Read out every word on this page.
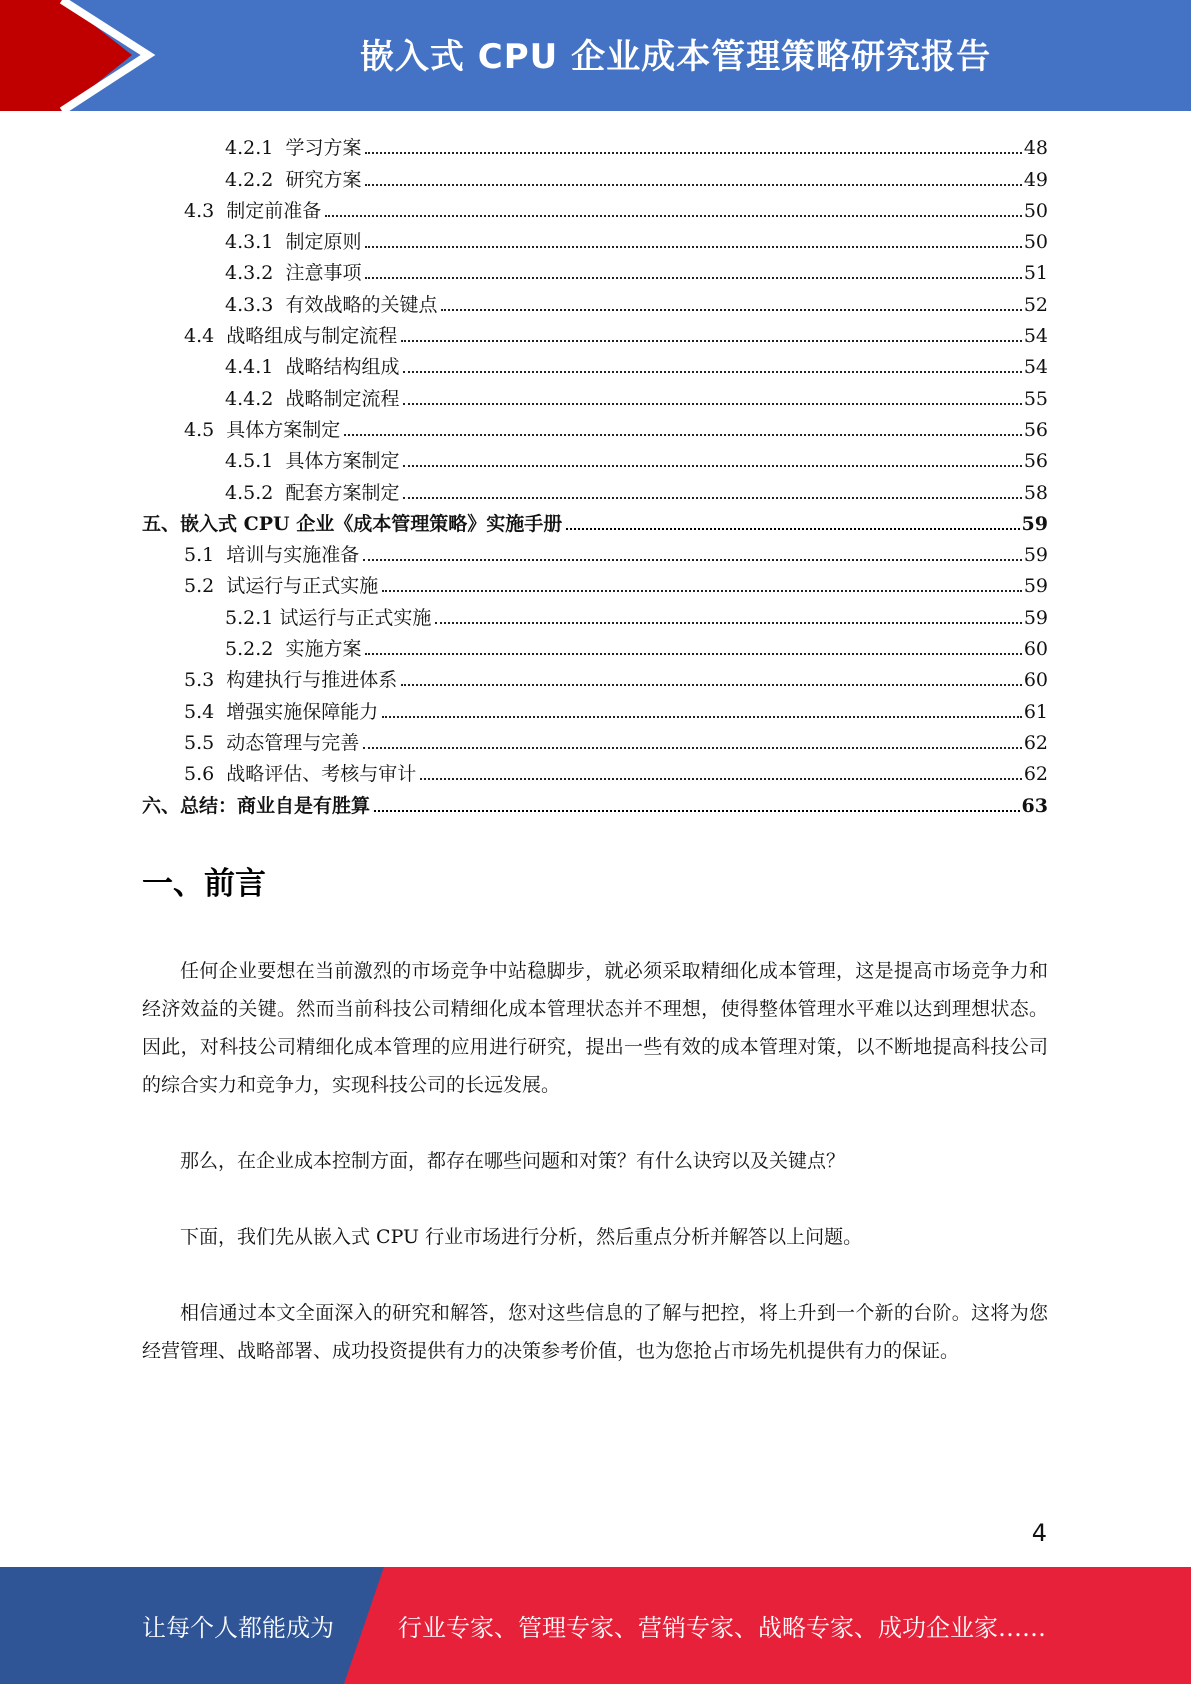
嵌入式 CPU 企业成本管理策略研究报告
4.2.1 学习方案	48
4.2.2 研究方案	49
4.3 制定前准备	50
4.3.1 制定原则	50
4.3.2 注意事项	51
4.3.3 有效战略的关键点	52
4.4 战略组成与制定流程	54
4.4.1 战略结构组成	54
4.4.2 战略制定流程	55
4.5 具体方案制定	56
4.5.1 具体方案制定	56
4.5.2 配套方案制定	58
五、 嵌入式 CPU 企业《成本管理策略》实施手册	59
5.1 培训与实施准备	59
5.2 试运行与正式实施	59
5.2.1 试运行与正式实施	59
5.2.2 实施方案	60
5.3 构建执行与推进体系	60
5.4 增强实施保障能力	61
5.5 动态管理与完善	62
5.6 战略评估、考核与审计	62
六、 总结：商业自是有胜算	63
一、前言

任何企业要想在当前激烈的市场竞争中站稳脚步，就必须采取精细化成本管理，这是提高市场竞争力和经济效益的关键。然而当前科技公司精细化成本管理状态并不理想，使得整体管理水平难以达到理想状态。因此，对科技公司精细化成本管理的应用进行研究，提出一些有效的成本管理对策，以不断地提高科技公司的综合实力和竞争力，实现科技公司的长远发展。

那么，在企业成本控制方面，都存在哪些问题和对策？有什么诀窍以及关键点？

下面，我们先从嵌入式 CPU 行业市场进行分析，然后重点分析并解答以上问题。

相信通过本文全面深入的研究和解答，您对这些信息的了解与把控，将上升到一个新的台阶。这将为您经营管理、战略部署、成功投资提供有力的决策参考价值，也为您抢占市场先机提供有力的保证。

4
让每个人都能成为	行业专家、管理专家、营销专家、战略专家、成功企业家……
